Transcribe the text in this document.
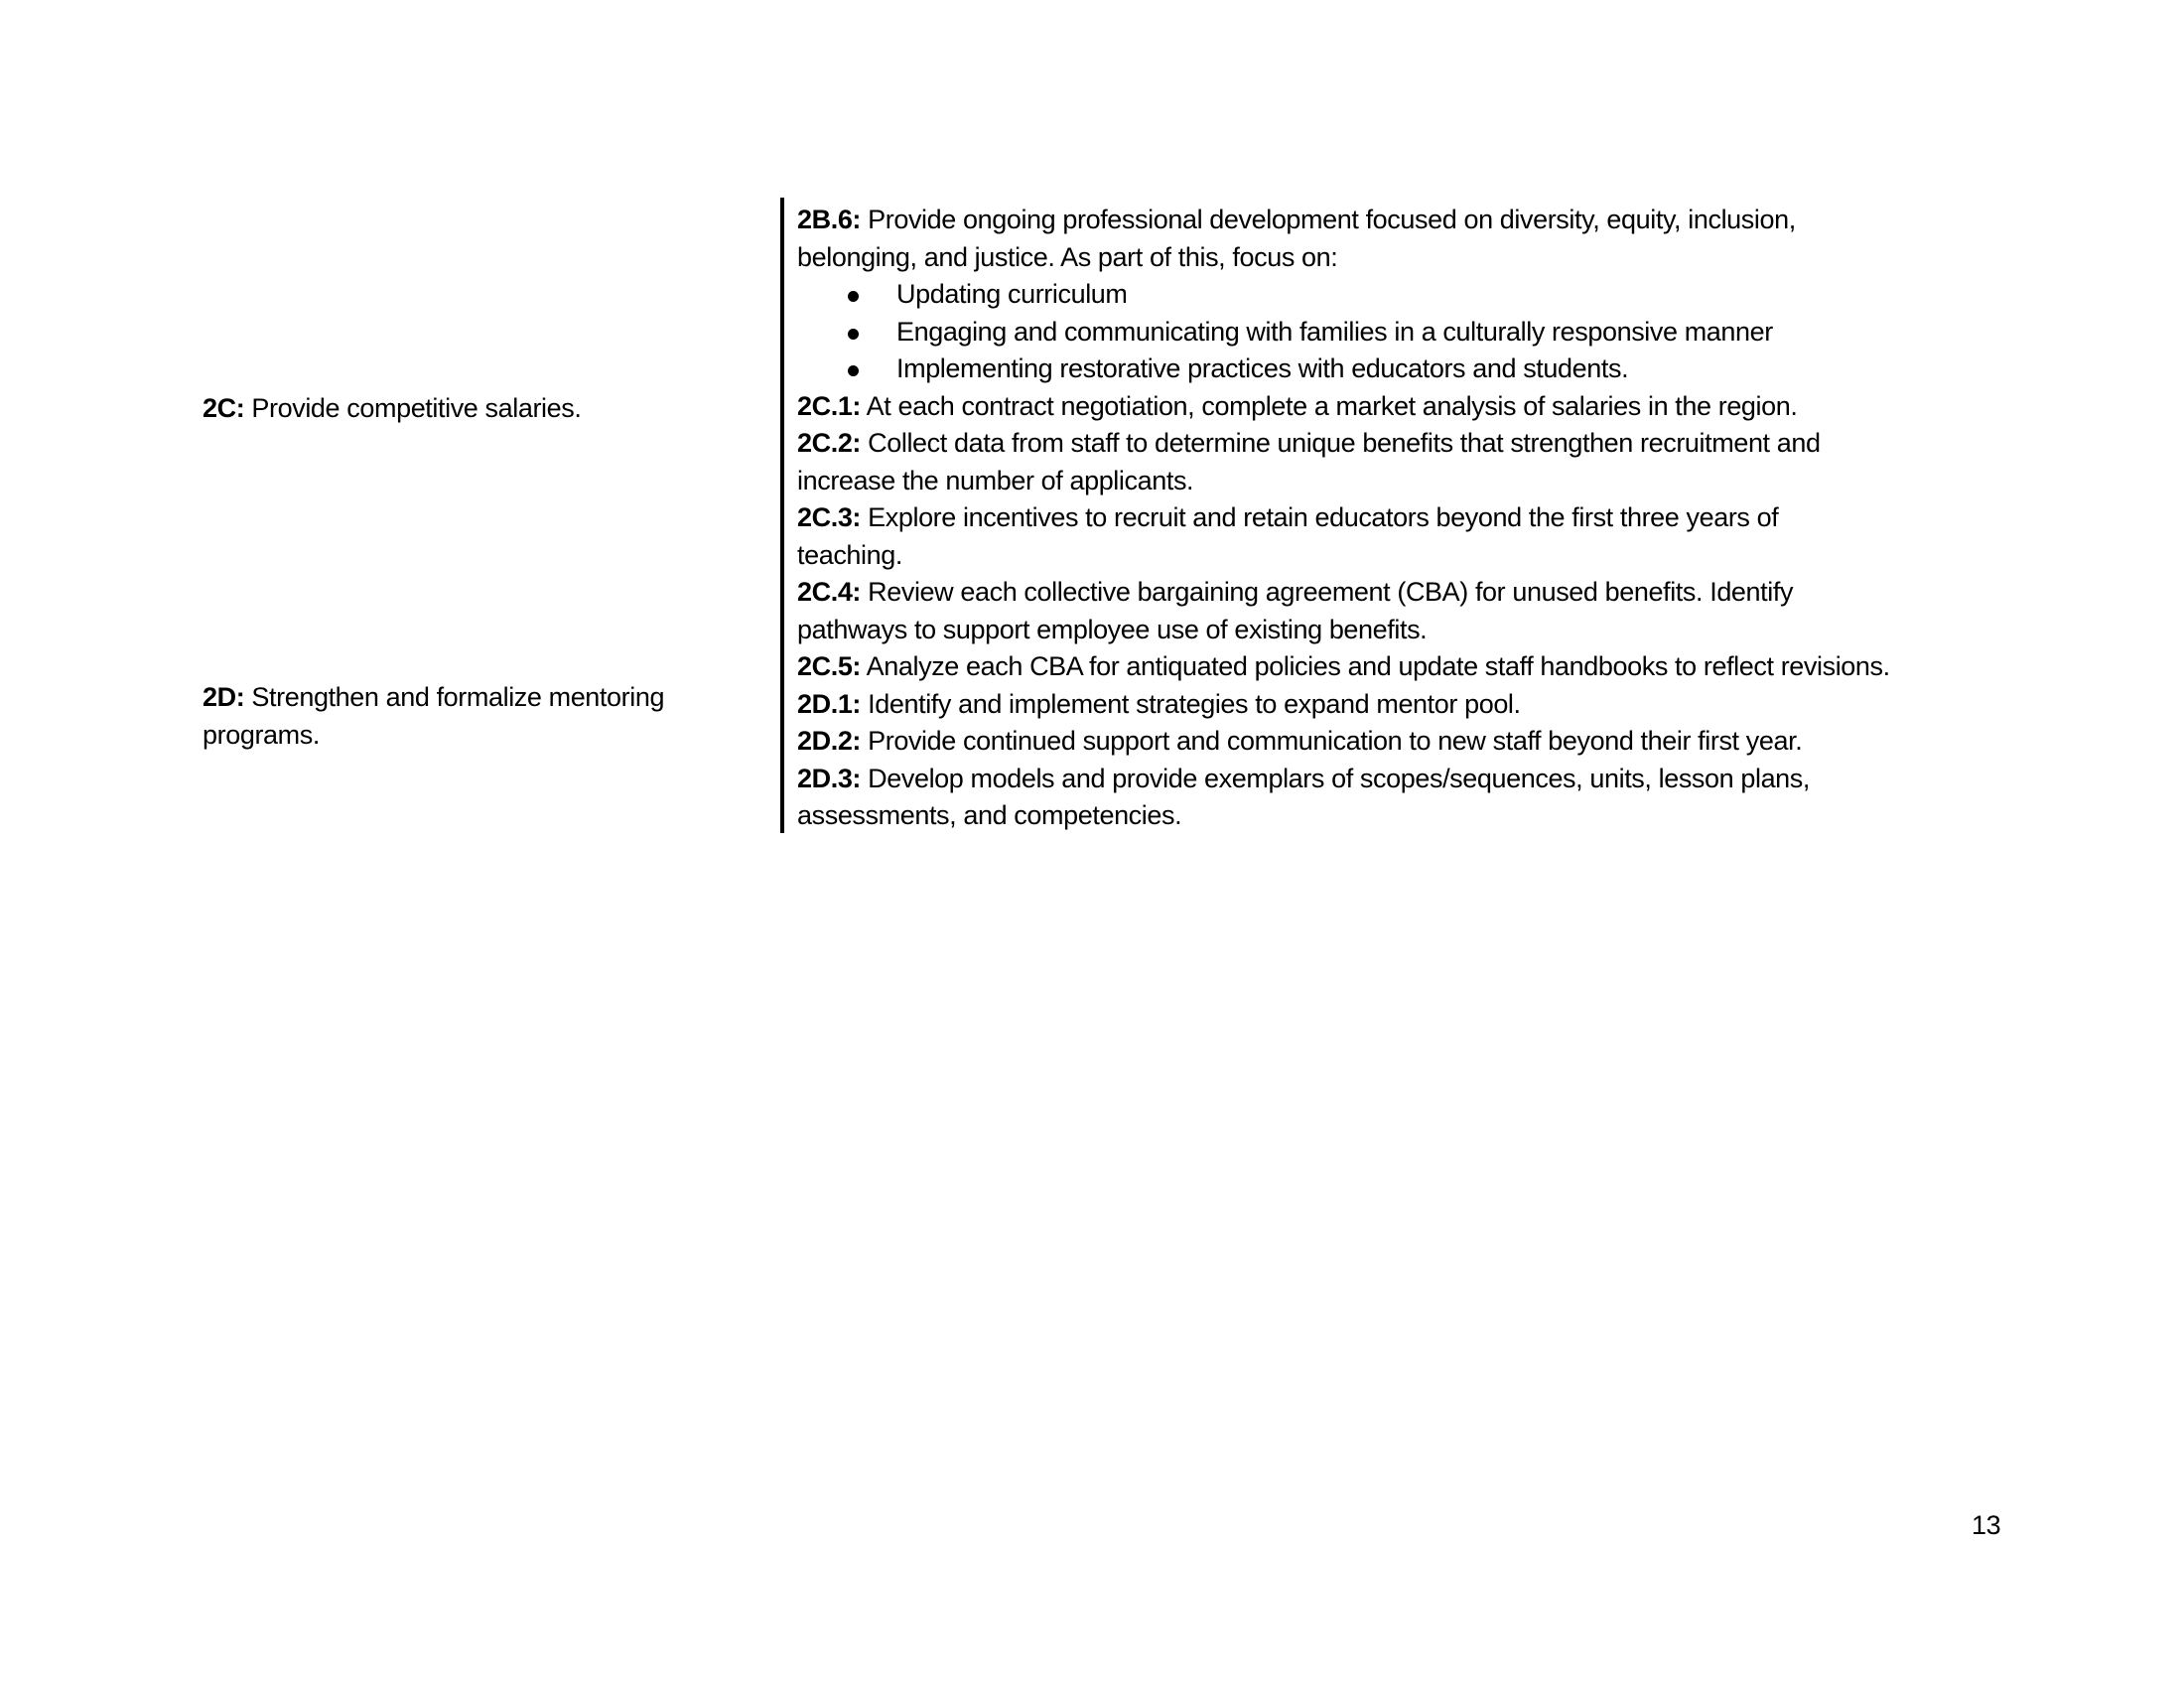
2C: Provide competitive salaries.
2D: Strengthen and formalize mentoring
programs.
2B.6: Provide ongoing professional development focused on diversity, equity, inclusion,
belonging, and justice. As part of this, focus on:
Updating curriculum
Engaging and communicating with families in a culturally responsive manner
Implementing restorative practices with educators and students.
2C.1: At each contract negotiation, complete a market analysis of salaries in the region.
2C.2: Collect data from staff to determine unique benefits that strengthen recruitment and
increase the number of applicants.
2C.3: Explore incentives to recruit and retain educators beyond the first three years of
teaching.
2C.4: Review each collective bargaining agreement (CBA) for unused benefits. Identify
pathways to support employee use of existing benefits.
2C.5: Analyze each CBA for antiquated policies and update staff handbooks to reflect revisions.
2D.1: Identify and implement strategies to expand mentor pool.
2D.2: Provide continued support and communication to new staff beyond their first year.
2D.3: Develop models and provide exemplars of scopes/sequences, units, lesson plans,
assessments, and competencies.
13
